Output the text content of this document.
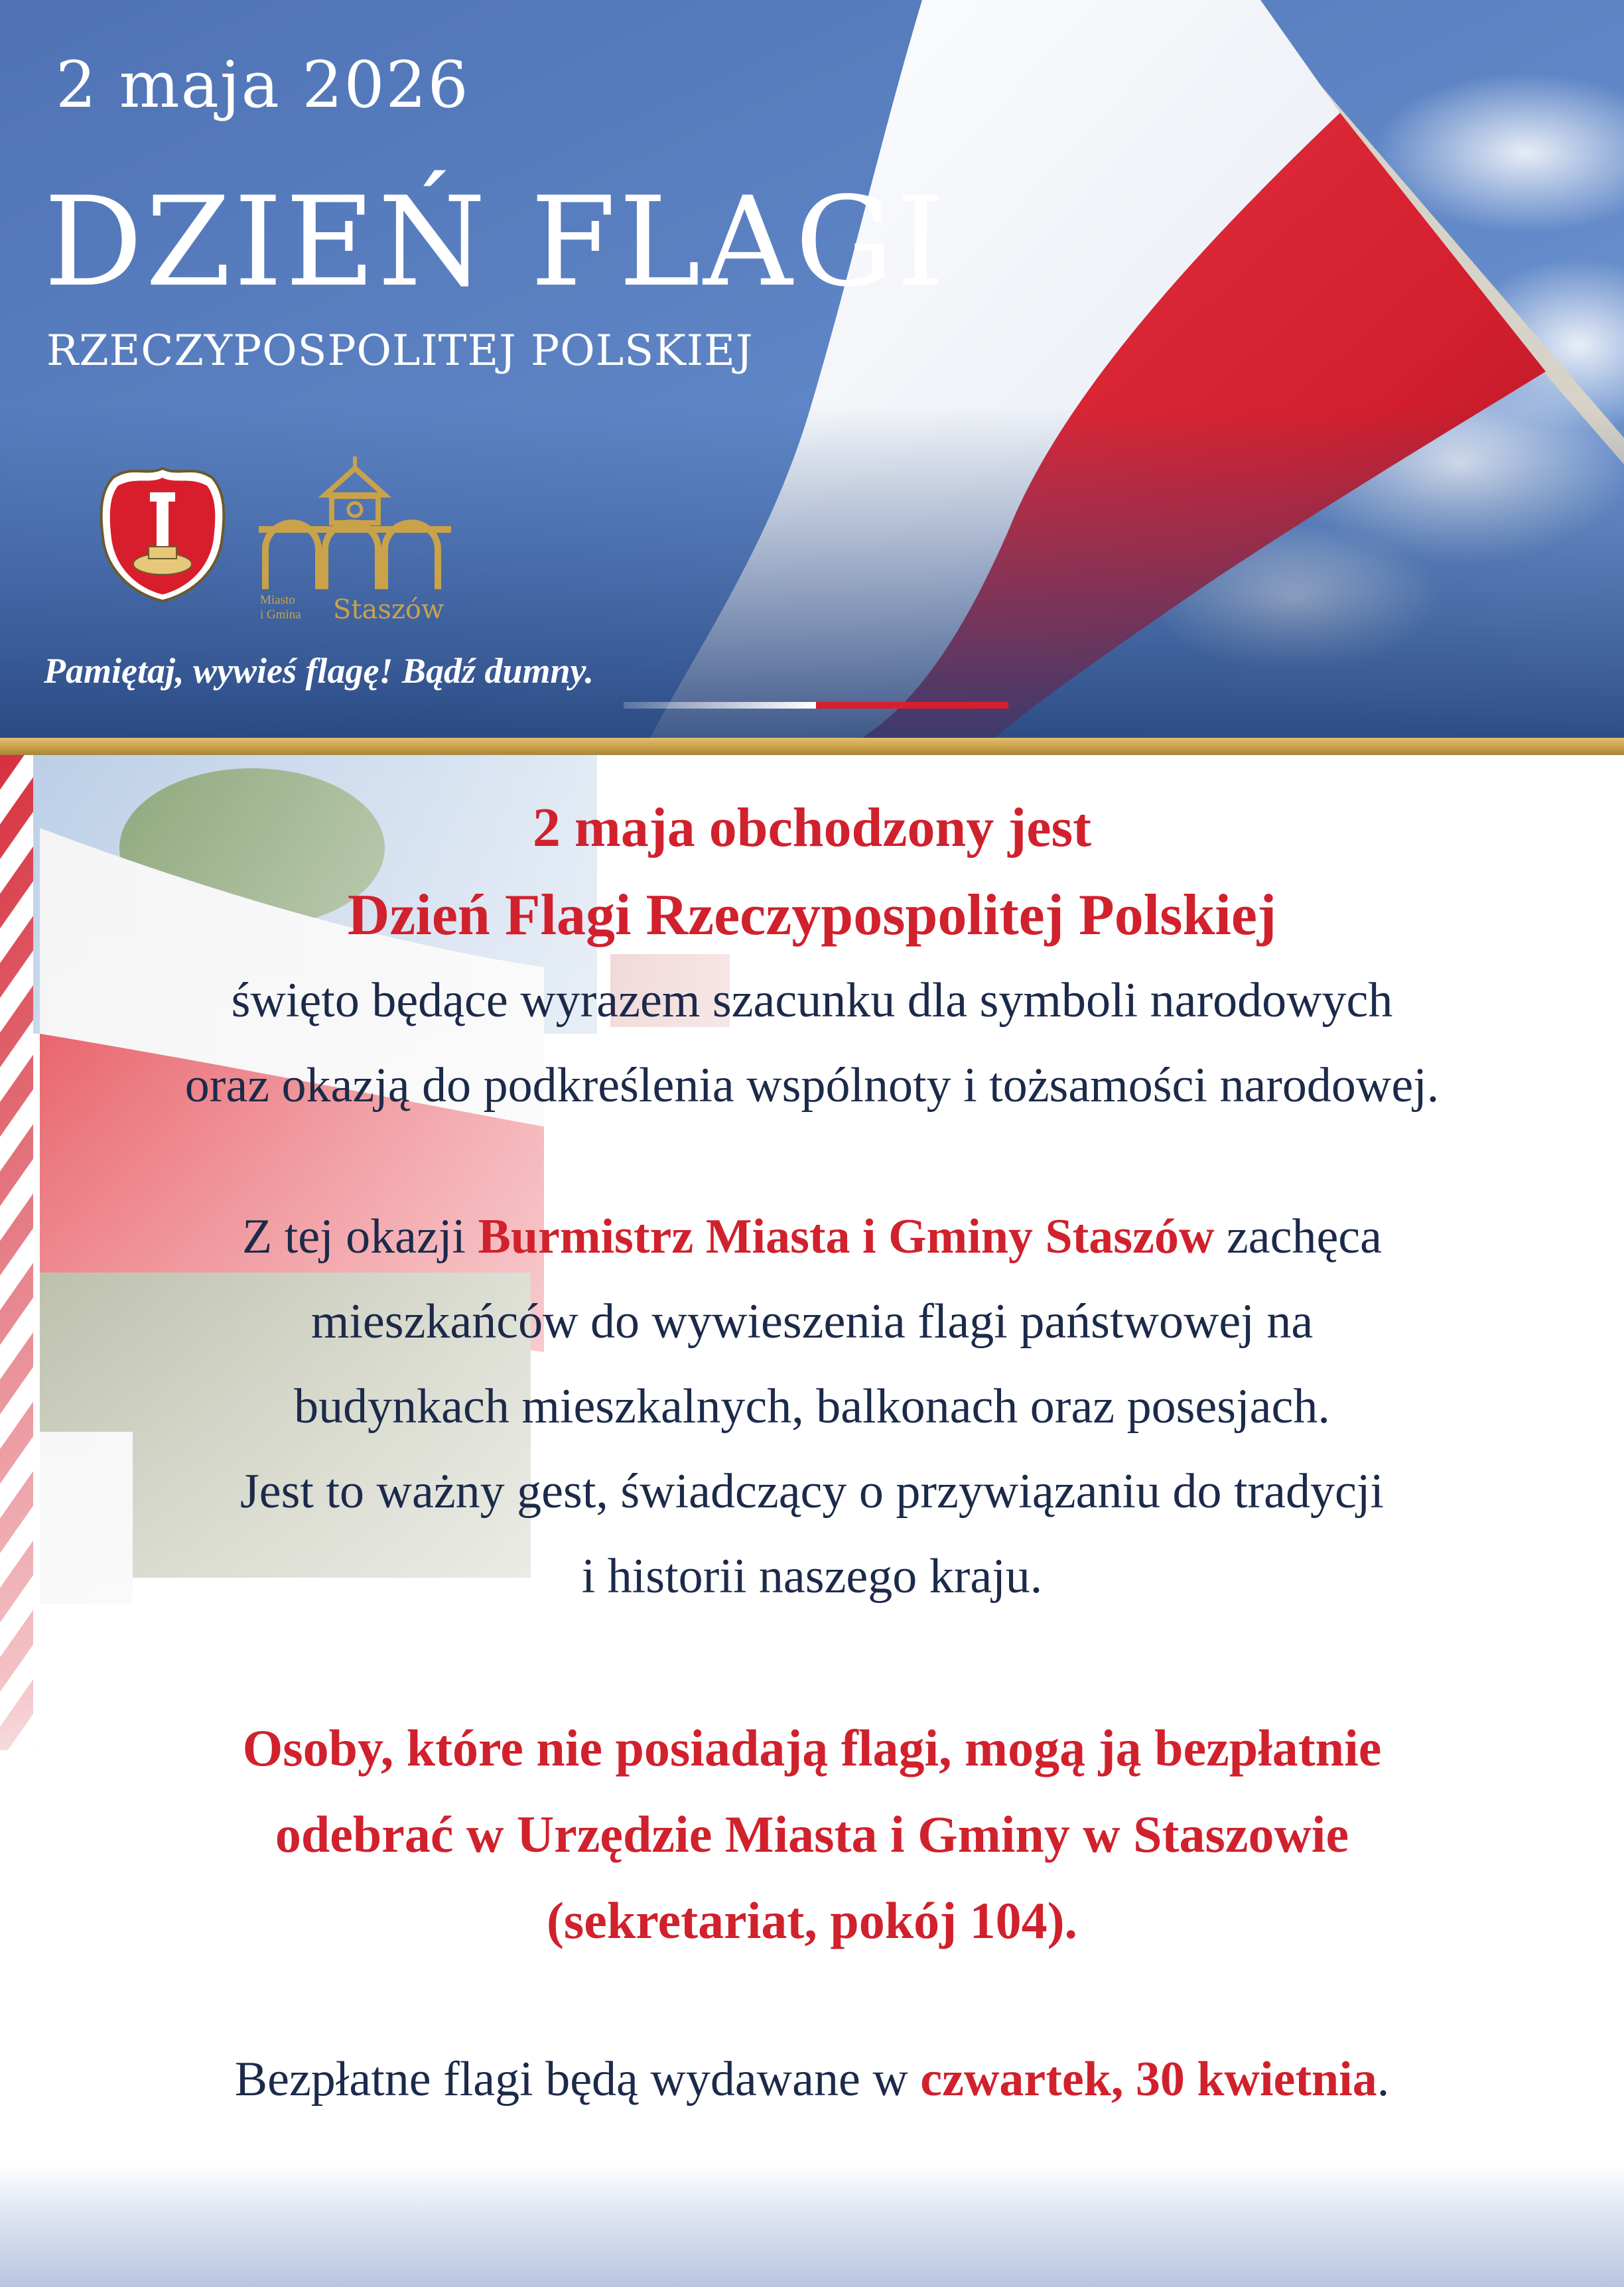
2 maja 2026
DZIEŃ FLAGI
RZECZYPOSPOLITEJ POLSKIEJ
Miasto
i Gmina Staszów
Pamiętaj, wywieś flagę! Bądź dumny.

2 maja obchodzony jest

Dzień Flagi Rzeczypospolitej Polskiej

święto będące wyrazem szacunku dla symboli narodowych

oraz okazją do podkreślenia wspólnoty i tożsamości narodowej.

Z tej okazji Burmistrz Miasta i Gminy Staszów zachęca

mieszkańców do wywieszenia flagi państwowej na

budynkach mieszkalnych, balkonach oraz posesjach.

Jest to ważny gest, świadczący o przywiązaniu do tradycji

i historii naszego kraju.

Osoby, które nie posiadają flagi, mogą ją bezpłatnie

odebrać w Urzędzie Miasta i Gminy w Staszowie

(sekretariat, pokój 104).

Bezpłatne flagi będą wydawane w czwartek, 30 kwietnia.
